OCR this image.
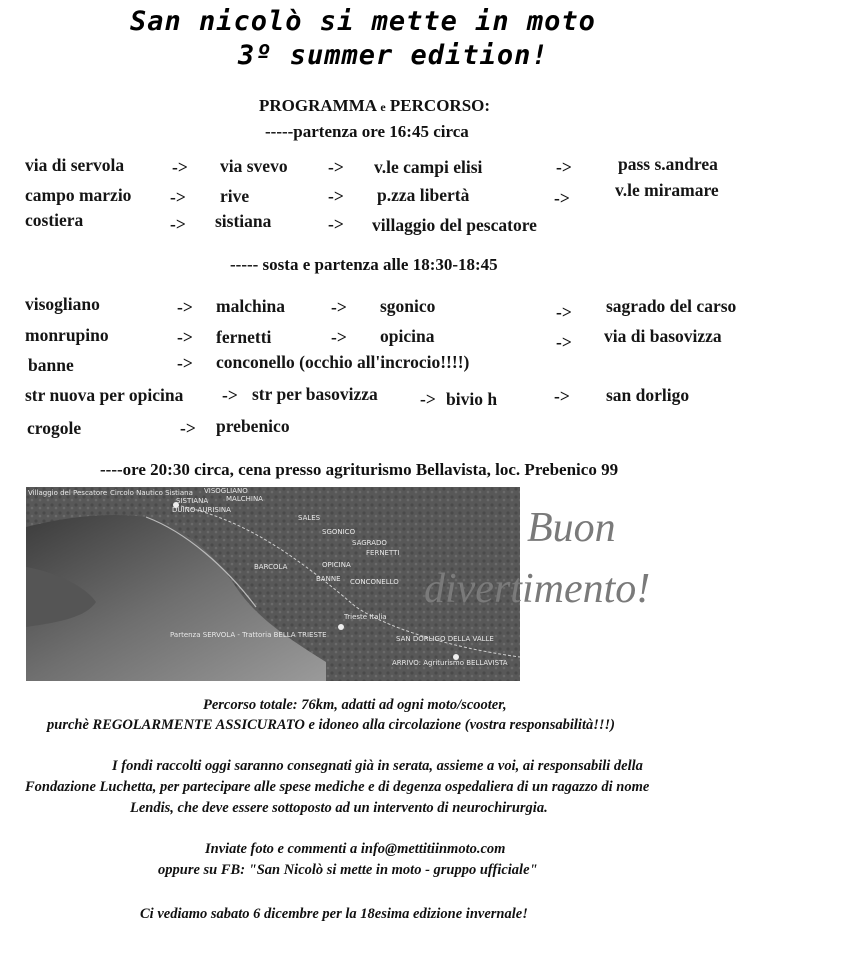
San nicolò si mette in moto
3º summer edition!
PROGRAMMA e PERCORSO:
-----partenza ore 16:45 circa
via di servola	-> via svevo -> v.le campi elisi	->	pass s.andrea
campo marzio -> rive	-> p.zza libertà	->	v.le miramare
costiera	-> sistiana	-> villaggio del pescatore
----- sosta e partenza alle 18:30-18:45
visogliano	-> malchina	-> sgonico	-> sagrado del carso
monrupino	-> fernetti	-> opicina	-> via di basovizza
banne	-> conconello (occhio all'incrocio!!!!)
str nuova per opicina -> str per basovizza -> bivio h	-> san dorligo
crogole	-> prebenico
----ore 20:30 circa, cena presso agriturismo Bellavista, loc. Prebenico 99
Villaggio del Pescatore Circolo Nautico Sistiana VISOGLIANO
MALCHINA
SISTIANA
DUINO AURISINA
SGONICO
SALES
SAGRADO
FERNETTI
BARCOLA	OPICINA
BANNE CONCONELLO
Trieste Italia
Partenza SERVOLA - Trattoria BELLA TRIESTE	SAN DORLIGO DELLA VALLE
ARRIVO: Agriturismo BELLAVISTA
Buon
divertimento!
Percorso totale: 76km, adatti ad ogni moto/scooter,
purchè REGOLARMENTE ASSICURATO e idoneo alla circolazione (vostra responsabilità!!!)
I fondi raccolti oggi saranno consegnati già in serata, assieme a voi, ai responsabili della
Fondazione Luchetta, per partecipare alle spese mediche e di degenza ospedaliera di un ragazzo di nome
Lendis, che deve essere sottoposto ad un intervento di neurochirurgia.
Inviate foto e commenti a info@mettitiinmoto.com
oppure su FB: "San Nicolò si mette in moto - gruppo ufficiale"
Ci vediamo sabato 6 dicembre per la 18esima edizione invernale!
